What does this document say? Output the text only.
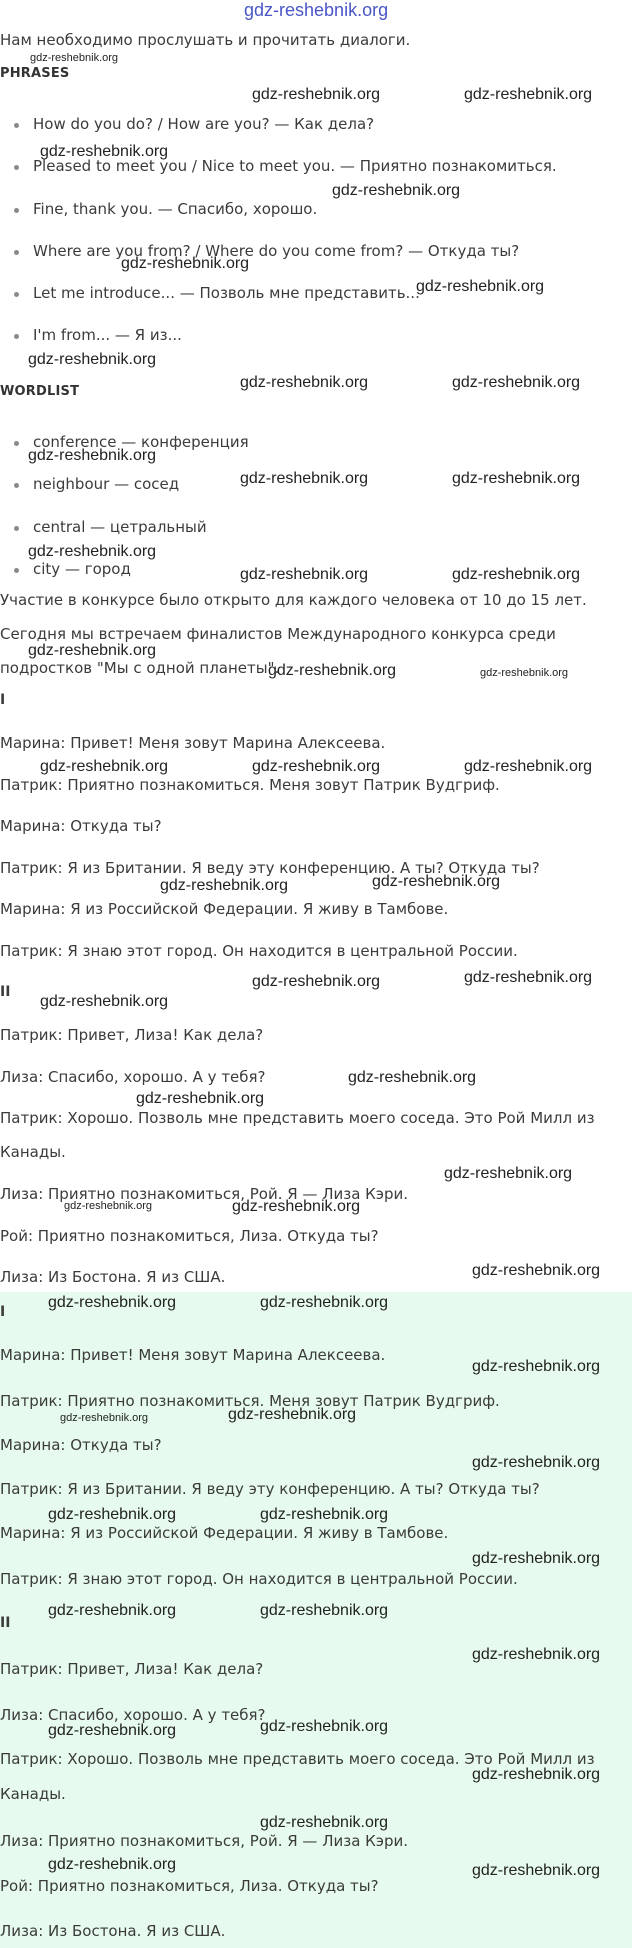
gdz-reshebnik.org
Нам необходимо прослушать и прочитать диалоги.
PHRASES
How do you do? / How are you? — Как дела?
Pleased to meet you / Nice to meet you. — Приятно познакомиться.
Fine, thank you. — Спасибо, хорошо.
Where are you from? / Where do you come from? — Откуда ты?
Let me introduce... — Позволь мне представить...
I'm from... — Я из...
WORDLIST
conference — конференция
neighbour — сосед
central — цетральный
city — город
Участие в конкурсе было открыто для каждого человека от 10 до 15 лет.
Сегодня мы встречаем финалистов Международного конкурса среди
подростков "Мы с одной планеты".
I
Марина: Привет! Меня зовут Марина Алексеева.
Патрик: Приятно познакомиться. Меня зовут Патрик Вудгриф.
Марина: Откуда ты?
Патрик: Я из Британии. Я веду эту конференцию. А ты? Откуда ты?
Марина: Я из Российской Федерации. Я живу в Тамбове.
Патрик: Я знаю этот город. Он находится в центральной России.
II
Патрик: Привет, Лиза! Как дела?
Лиза: Спасибо, хорошо. А у тебя?
Патрик: Хорошо. Позволь мне представить моего соседа. Это Рой Милл из
Канады.
Лиза: Приятно познакомиться, Рой. Я — Лиза Кэри.
Рой: Приятно познакомиться, Лиза. Откуда ты?
Лиза: Из Бостона. Я из США.
I
Марина: Привет! Меня зовут Марина Алексеева.
Патрик: Приятно познакомиться. Меня зовут Патрик Вудгриф.
Марина: Откуда ты?
Патрик: Я из Британии. Я веду эту конференцию. А ты? Откуда ты?
Марина: Я из Российской Федерации. Я живу в Тамбове.
Патрик: Я знаю этот город. Он находится в центральной России.
II
Патрик: Привет, Лиза! Как дела?
Лиза: Спасибо, хорошо. А у тебя?
Патрик: Хорошо. Позволь мне представить моего соседа. Это Рой Милл из
Канады.
Лиза: Приятно познакомиться, Рой. Я — Лиза Кэри.
Рой: Приятно познакомиться, Лиза. Откуда ты?
Лиза: Из Бостона. Я из США.
gdz-reshebnik.org
gdz-reshebnik.org	gdz-reshebnik.org
gdz-reshebnik.org
gdz-reshebnik.org
gdz-reshebnik.org
gdz-reshebnik.org
gdz-reshebnik.org
gdz-reshebnik.org	gdz-reshebnik.org
gdz-reshebnik.org
gdz-reshebnik.org	gdz-reshebnik.org
gdz-reshebnik.org
gdz-reshebnik.org	gdz-reshebnik.org
gdz-reshebnik.org
gdz-reshebnik.org	gdz-reshebnik.org
gdz-reshebnik.org	gdz-reshebnik.org	gdz-reshebnik.org
gdz-reshebnik.org	gdz-reshebnik.org
gdz-reshebnik.org
gdz-reshebnik.org	gdz-reshebnik.org
gdz-reshebnik.org
gdz-reshebnik.org
gdz-reshebnik.org
gdz-reshebnik.org	gdz-reshebnik.org
gdz-reshebnik.org
gdz-reshebnik.org	gdz-reshebnik.org
gdz-reshebnik.org
gdz-reshebnik.org	gdz-reshebnik.org
gdz-reshebnik.org
gdz-reshebnik.org	gdz-reshebnik.org
gdz-reshebnik.org
gdz-reshebnik.org	gdz-reshebnik.org
gdz-reshebnik.org
gdz-reshebnik.org	gdz-reshebnik.org
gdz-reshebnik.org
gdz-reshebnik.org
gdz-reshebnik.org	gdz-reshebnik.org
